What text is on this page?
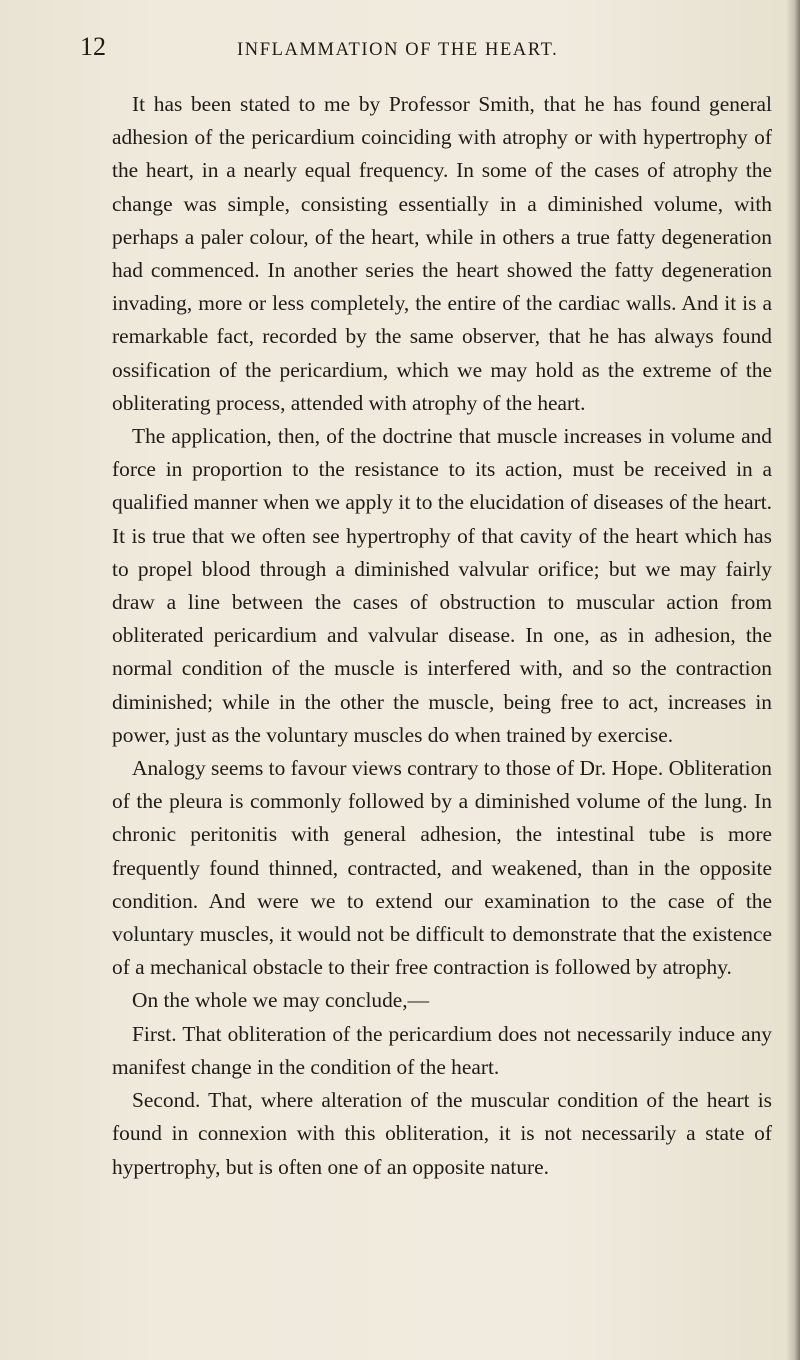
12	INFLAMMATION OF THE HEART.

It has been stated to me by Professor Smith, that he has found general adhesion of the pericardium coinciding with atrophy or with hypertrophy of the heart, in a nearly equal frequency. In some of the cases of atrophy the change was simple, consisting essentially in a diminished volume, with perhaps a paler colour, of the heart, while in others a true fatty degeneration had commenced. In another series the heart showed the fatty degeneration invading, more or less completely, the entire of the cardiac walls. And it is a remarkable fact, recorded by the same observer, that he has always found ossification of the pericardium, which we may hold as the extreme of the obliterating process, attended with atrophy of the heart.

The application, then, of the doctrine that muscle increases in volume and force in proportion to the resistance to its action, must be received in a qualified manner when we apply it to the elucidation of diseases of the heart. It is true that we often see hypertrophy of that cavity of the heart which has to propel blood through a diminished valvular orifice; but we may fairly draw a line between the cases of obstruction to muscular action from obliterated pericardium and valvular disease. In one, as in adhesion, the normal condition of the muscle is interfered with, and so the contraction diminished; while in the other the muscle, being free to act, increases in power, just as the voluntary muscles do when trained by exercise.

Analogy seems to favour views contrary to those of Dr. Hope. Obliteration of the pleura is commonly followed by a diminished volume of the lung. In chronic peritonitis with general adhesion, the intestinal tube is more frequently found thinned, contracted, and weakened, than in the opposite condition. And were we to extend our examination to the case of the voluntary muscles, it would not be difficult to demonstrate that the existence of a mechanical obstacle to their free contraction is followed by atrophy.

On the whole we may conclude,—

First. That obliteration of the pericardium does not necessarily induce any manifest change in the condition of the heart.

Second. That, where alteration of the muscular condition of the heart is found in connexion with this obliteration, it is not necessarily a state of hypertrophy, but is often one of an opposite nature.
